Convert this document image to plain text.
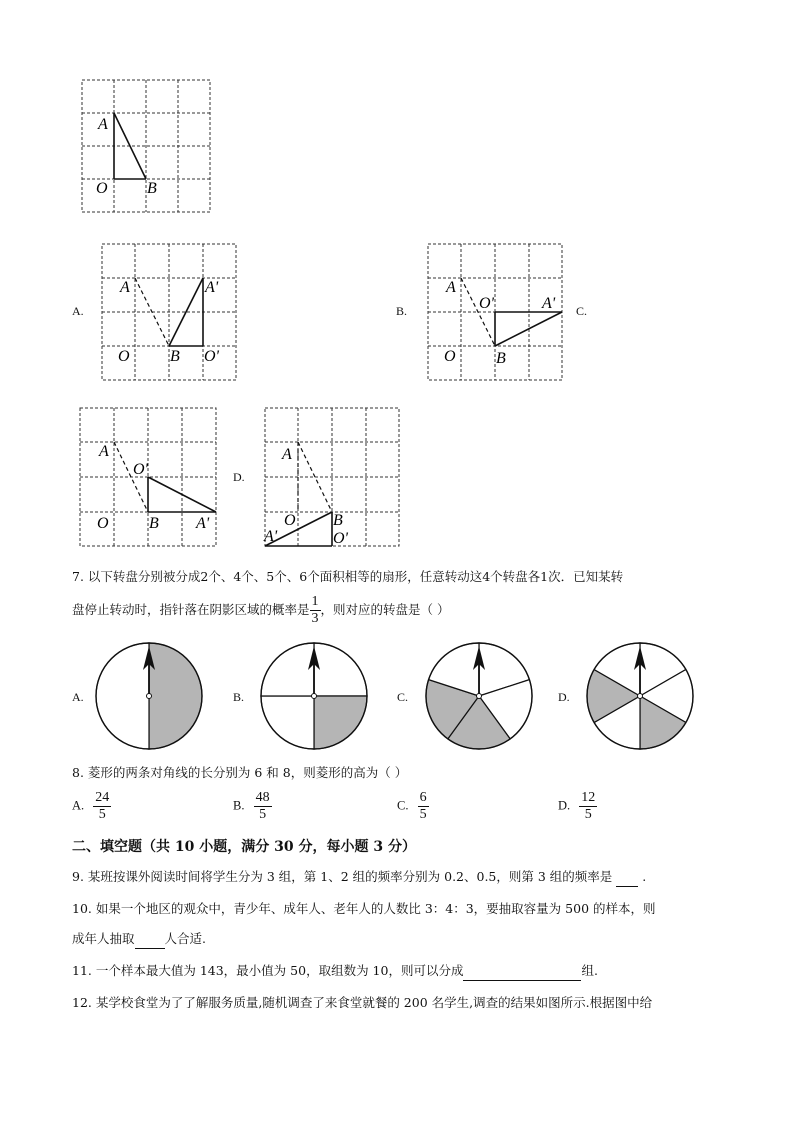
A
O B
A.
A	A'
O	B O'
B.
A
O'	A'
O	B
C.
A
O'
O	B A'
D.
A
O B
A'	O'
7. 以下转盘分别被分成2个、4个、5个、6个面积相等的扇形，任意转动这4个转盘各1次．已知某转
盘停止转动时，指针落在阴影区域的概率是 $\frac{1}{3}$ ，则对应的转盘是（ ）
A.	B.	C.	D.
8. 菱形的两条对角线的长分别为 6 和 8，则菱形的高为（ ）
A. $\frac{24}{5}$	B. $\frac{48}{5}$	C. $\frac{6}{5}$	D. $\frac{12}{5}$
二、填空题（共 10 小题，满分 30 分，每小题 3 分）
9. 某班按课外阅读时间将学生分为 3 组，第 1、2 组的频率分别为 0.2、0.5，则第 3 组的频率是 .
10. 如果一个地区的观众中，青少年、成年人、老年人的人数比 3：4：3，要抽取容量为 500 的样本，则
成年人抽取 人合适.
11. 一个样本最大值为 143，最小值为 50，取组数为 10，则可以分成	组.
12. 某学校食堂为了了解服务质量,随机调查了来食堂就餐的 200 名学生,调查的结果如图所示.根据图中给
